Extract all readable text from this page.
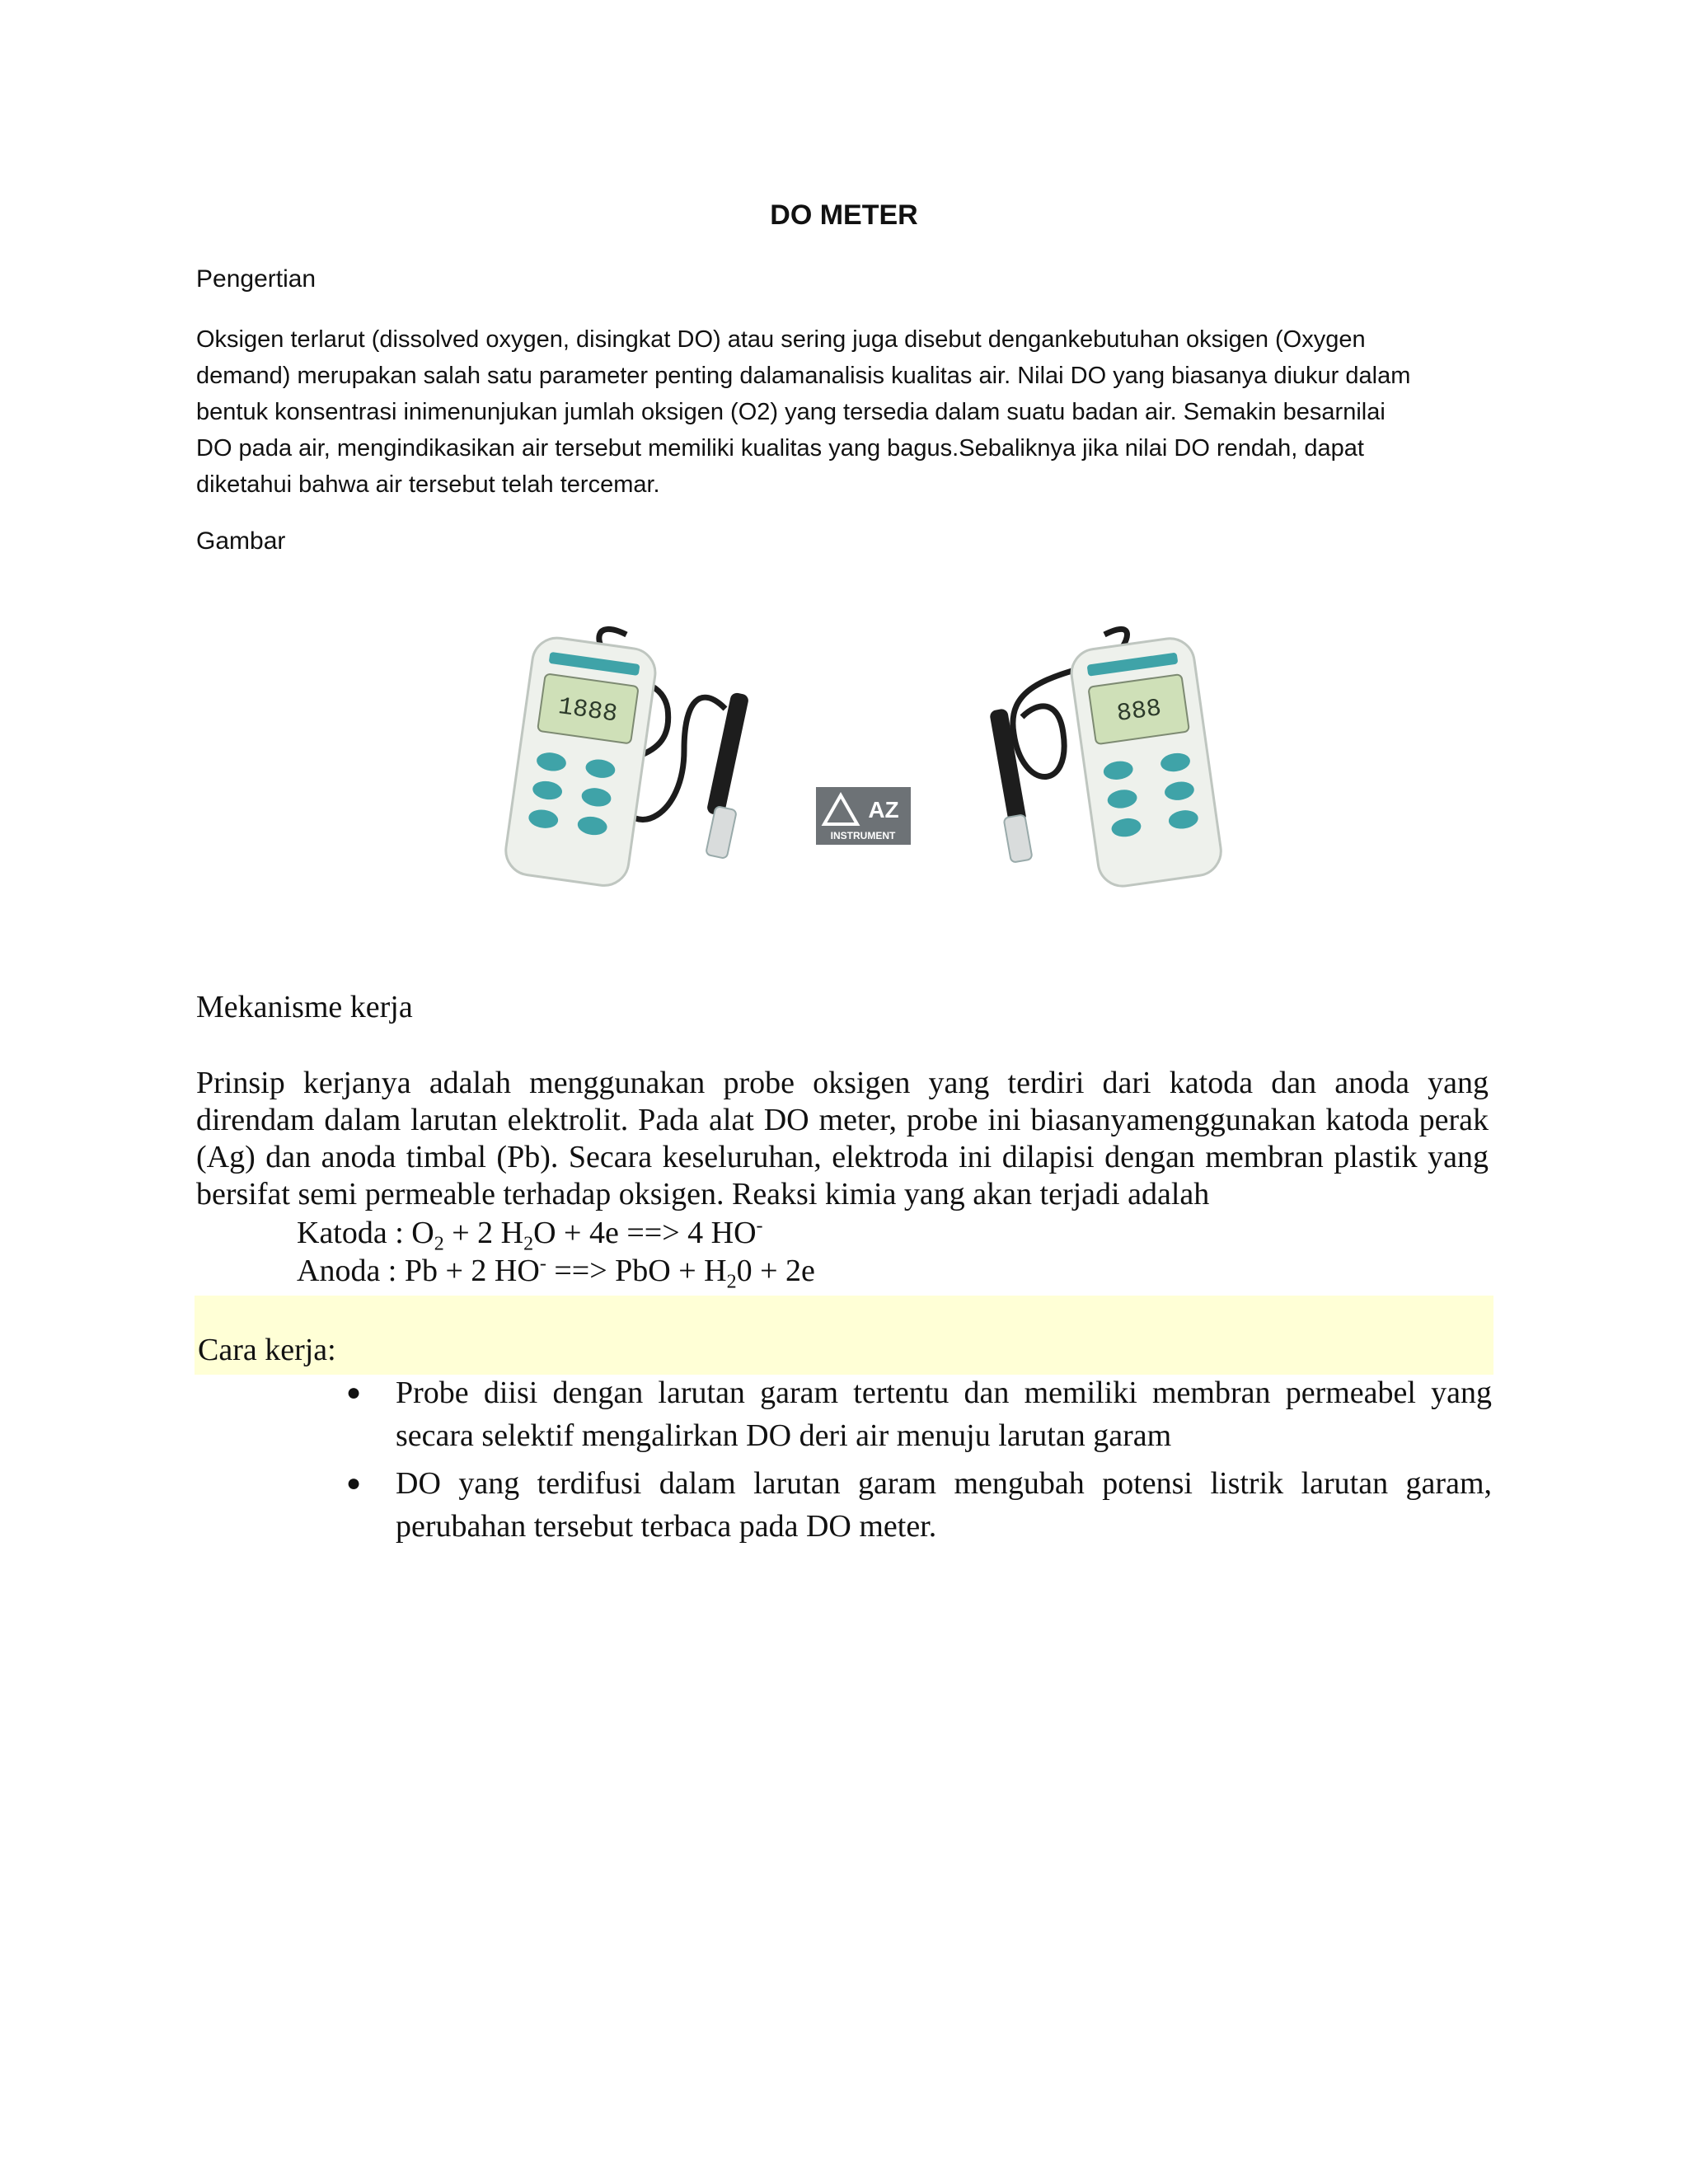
DO METER

Pengertian

Oksigen terlarut (dissolved oxygen, disingkat DO) atau sering juga disebut dengankebutuhan oksigen (Oxygen
demand) merupakan salah satu parameter penting dalamanalisis kualitas air. Nilai DO yang biasanya diukur dalam
bentuk konsentrasi inimenunjukan jumlah oksigen (O2) yang tersedia dalam suatu badan air. Semakin besarnilai
DO pada air, mengindikasikan air tersebut memiliki kualitas yang bagus.Sebaliknya jika nilai DO rendah, dapat
diketahui bahwa air tersebut telah tercemar.

Gambar

1888
AZ
INSTRUMENT
888
Mekanisme kerja

Prinsip kerjanya adalah menggunakan probe oksigen yang terdiri dari katoda dan anoda yang direndam dalam larutan elektrolit. Pada alat DO meter, probe ini biasanyamenggunakan katoda perak (Ag) dan anoda timbal (Pb). Secara keseluruhan, elektroda ini dilapisi dengan membran plastik yang bersifat semi permeable terhadap oksigen. Reaksi kimia yang akan terjadi adalah

Katoda : $O_2 + 2$ $H_2O + 4e$ ==> 4 HO-

Anoda : Pb + 2 HO- ==> PbO + $H_20 + 2e$

Cara kerja:
● Probe diisi dengan larutan garam tertentu dan memiliki membran permeabel yang secara selektif mengalirkan DO deri air menuju larutan garam
● DO yang terdifusi dalam larutan garam mengubah potensi listrik larutan garam, perubahan tersebut terbaca pada DO meter.
